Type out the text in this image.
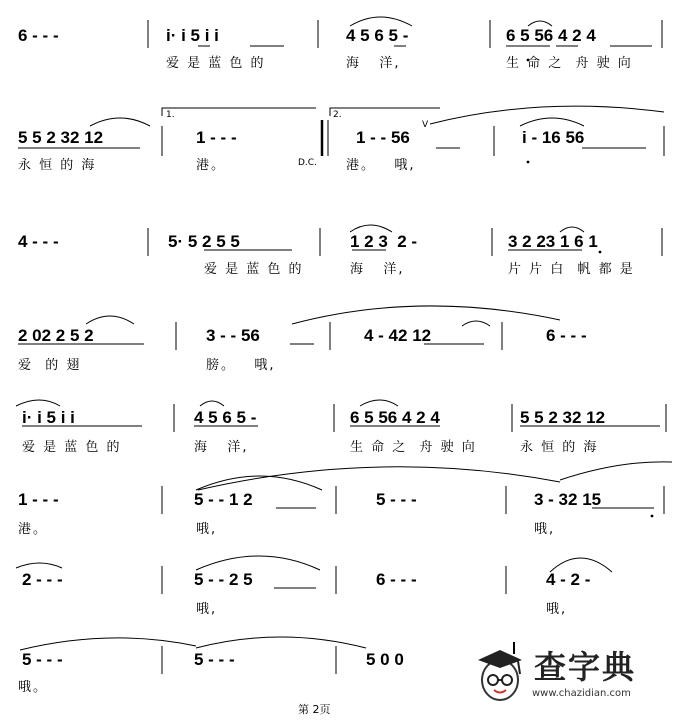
6 - - -	i· i 5 i i	4 5 6 5 -	6 5 56 4 2 4
爱 是 蓝 色 的	海   洋,	生 命 之  舟 驶 向
5 5 2 32 12	1 - - -	1 - - 56	i - 16 56
永 恒 的 海	港。	港。   哦,
1.	2.
D.C.
V
4 - - -	5· 5 2 5 5	1 2 3  2 -	3 2 23 1 6 1
爱 是 蓝 色 的	海   洋,	片 片 白  帆 都 是
2 02 2 5 2	3 - - 56	4 - 42 12	6 - - -
爱  的 翅	膀。   哦,
i· i 5 i i	4 5 6 5 -	6 5 56 4 2 4	5 5 2 32 12
爱 是 蓝 色 的	海   洋,	生 命 之  舟 驶 向	永 恒 的 海
1 - - -	5 - - 1 2	5 - - -	3 - 32 15
港。	哦,	哦,
2 - - -	5 - - 2 5	6 - - -	4 - 2 -
哦,	哦,
5 - - -	5 - - -	5 0 0
哦。
第 2页
查字典
www.chazidian.com
